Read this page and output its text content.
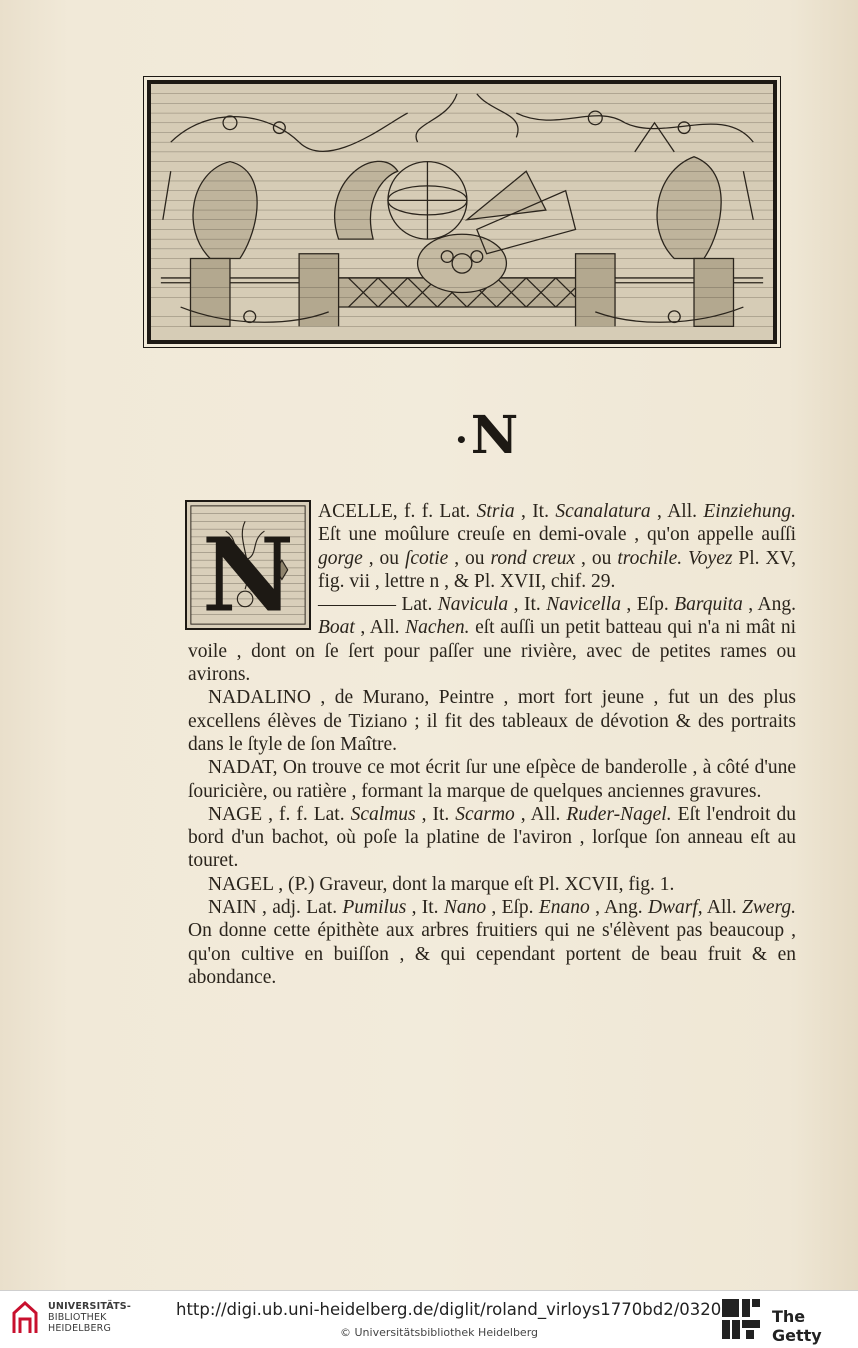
•N
N

ACELLE, f. f. Lat. Stria , It. Scanalatura , All. Einziehung. Eſt une moûlure creuſe en demi-ovale , qu'on appelle auſſi gorge , ou ſcotie , ou rond creux , ou trochile. Voyez Pl. XV, fig. vii , lettre n , & Pl. XVII, chif. 29.

———— Lat. Navicula , It. Navicella , Eſp. Barquita , Ang. Boat , All. Nachen. eſt auſſi un petit batteau qui n'a ni mât ni voile , dont on ſe ſert pour paſſer une rivière, avec de petites rames ou avirons.

NADALINO , de Murano, Peintre , mort fort jeune , fut un des plus excellens élèves de Tiziano ; il fit des tableaux de dévotion & des portraits dans le ſtyle de ſon Maître.

NADAT, On trouve ce mot écrit ſur une eſpèce de banderolle , à côté d'une ſouricière, ou ratière , formant la marque de quelques anciennes gravures.

NAGE , f. f. Lat. Scalmus , It. Scarmo , All. Ruder-Nagel. Eſt l'endroit du bord d'un bachot, où poſe la platine de l'aviron , lorſque ſon anneau eſt au touret.

NAGEL , (P.) Graveur, dont la marque eſt Pl. XCVII, fig. 1.

NAIN , adj. Lat. Pumilus , It. Nano , Eſp. Enano , Ang. Dwarf, All. Zwerg. On donne cette épithète aux arbres fruitiers qui ne s'élèvent pas beaucoup , qu'on cultive en buiſſon , & qui cependant portent de beau fruit & en abondance.

UNIVERSITÄTS-
BIBLIOTHEK
HEIDELBERG
http://digi.ub.uni-heidelberg.de/diglit/roland_virloys1770bd2/0320
© Universitätsbibliothek Heidelberg
The Getty
